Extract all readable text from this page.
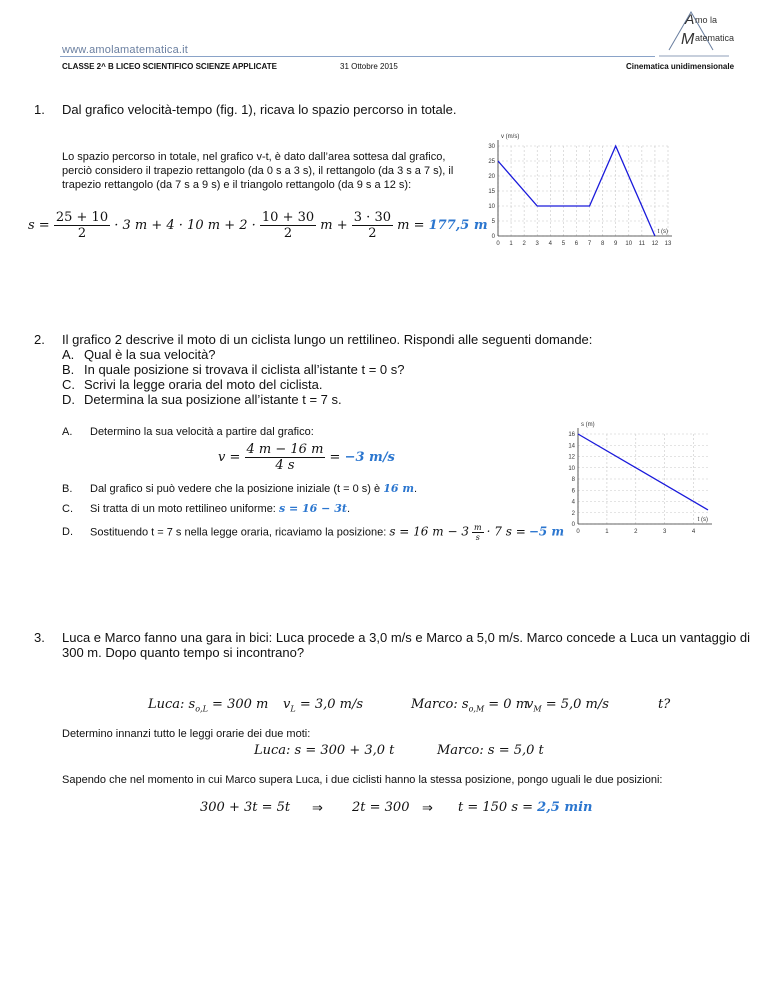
www.amolamatematica.it
CLASSE 2^ B LICEO SCIENTIFICO SCIENZE APPLICATE	31 Ottobre 2015	Cinematica unidimensionale
A mo la
M atematica
1. Dal grafico velocità-tempo (fig. 1), ricava lo spazio percorso in totale.
Lo spazio percorso in totale, nel grafico v-t, è dato dall’area sottesa dal grafico, perciò considero il trapezio rettangolo (da 0 s a 3 s), il rettangolo (da 3 s a 7 s), il trapezio rettangolo (da 7 s a 9 s) e il triangolo rettangolo (da 9 s a 12 s):
$s = \frac{25 + 10}{2} \cdot 3$ m + 4 · 10 $m + 2 \cdot \frac{10 + 30}{2}$ $m + \frac{3 \cdot 30}{2}$ m = 177,5 m
0 1 2 3 4 5 6 7 8 9 10 11 12 13
0
5
10
15
20
25
30
v (m/s)
t (s)
2. Il grafico 2 descrive il moto di un ciclista lungo un rettilineo. Rispondi alle seguenti domande:
A. Qual è la sua velocità?
B. In quale posizione si trovava il ciclista all’istante t = 0 s?
C. Scrivi la legge oraria del moto del ciclista.
D. Determina la sua posizione all’istante t = 7 s.
A. Determino la sua velocità a partire dal grafico:
$v = \frac{4 m - 16 m}{4 s} = -3$ m/s
B. Dal grafico si può vedere che la posizione iniziale (t = 0 s) è 16 m.
C. Si tratta di un moto rettilineo uniforme: s = 16 − 3t.
D. Sostituendo t = 7 s nella legge oraria, ricaviamo la posizione: s = 16 $m - 3 \frac{m}{s} \cdot 7$ s = −5 m 0	1	2	3	4
0
2
4
6
8
10
12
14
16
s (m)
t (s)
3. Luca e Marco fanno una gara in bici: Luca procede a 3,0 m/s e Marco a 5,0 m/s. Marco concede a Luca un vantaggio di 300 m. Dopo quanto tempo si incontrano?
Luca: $s_{o,L} = 300$ m $v_L = 3,0$ m/s	Marco: $s_{o,M} = 0$ m
$v_M = 5,0$ m/s	t?
Determino innanzi tutto le leggi orarie dei due moti:
Luca: s = 300 + 3,0 t	Marco: s = 5,0 t
Sapendo che nel momento in cui Marco supera Luca, i due ciclisti hanno la stessa posizione, pongo uguali le due posizioni:
300 + 3t = 5t ⇒ 2t = 300 ⇒ t = 150 s = 2,5 min
